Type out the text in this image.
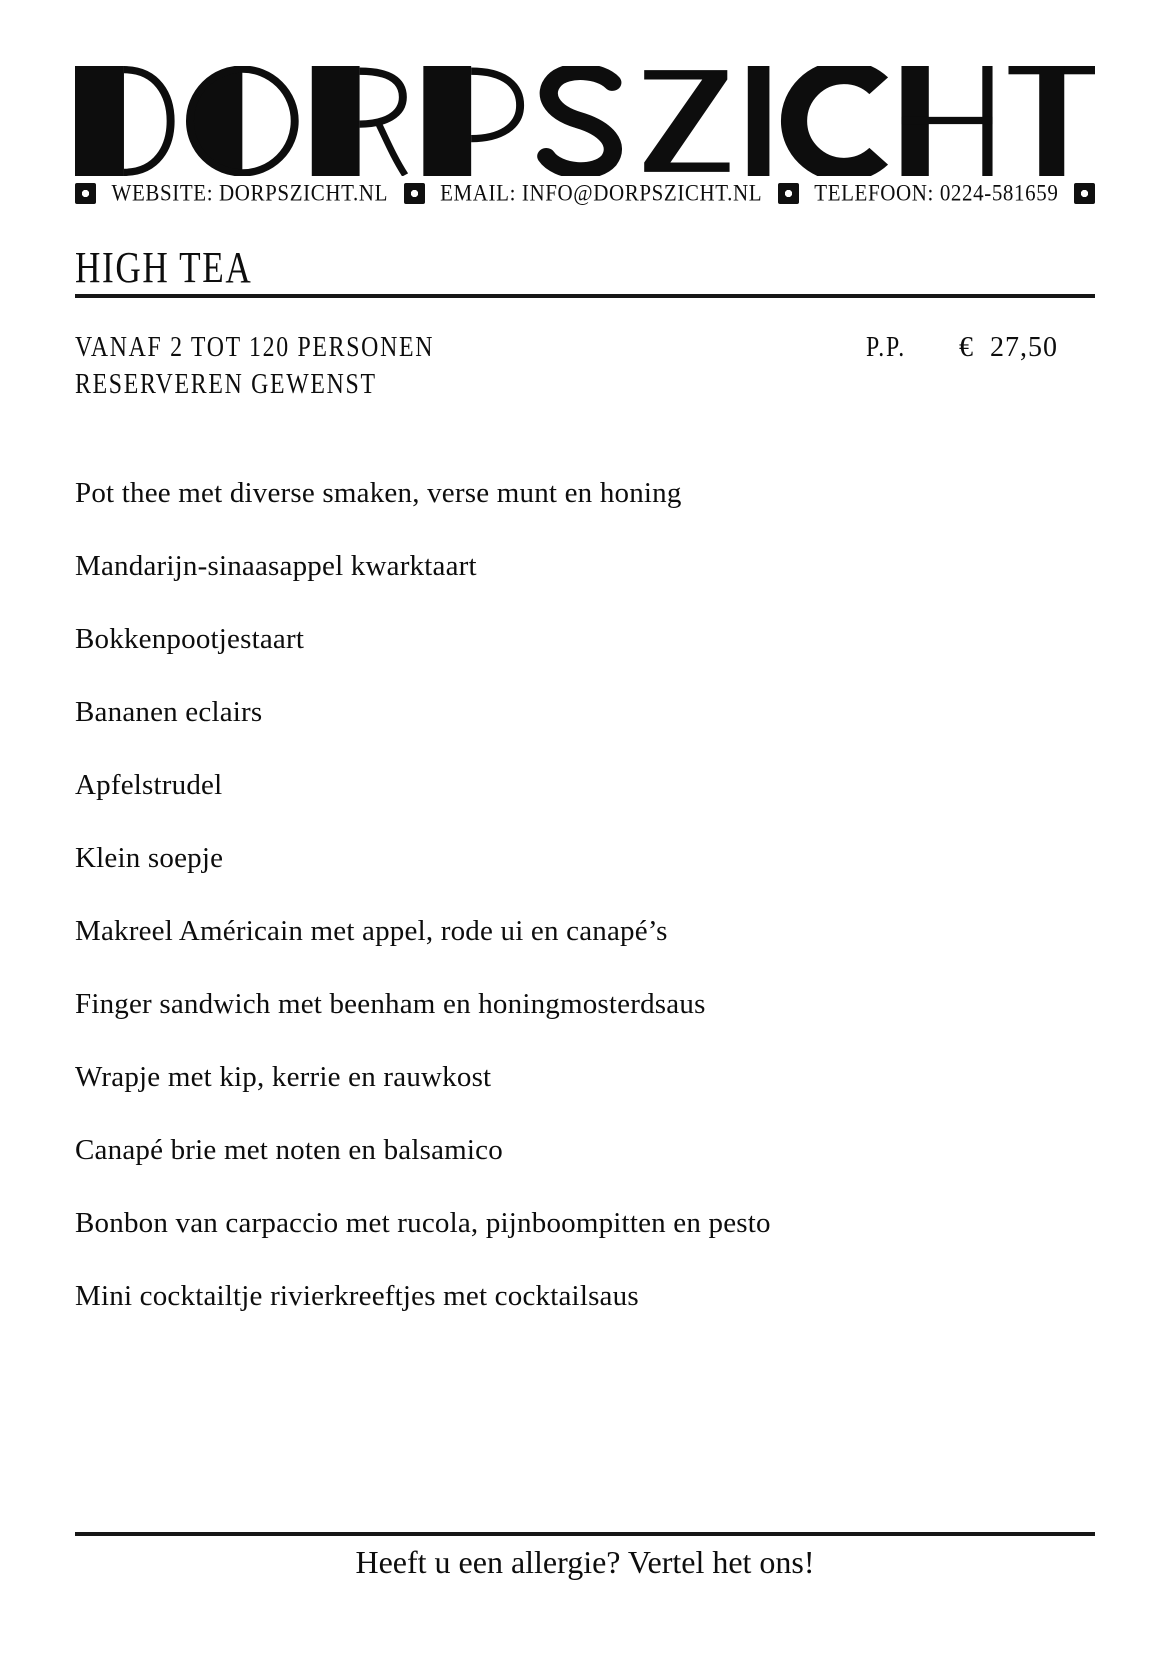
WEBSITE: DORPSZICHT.NL EMAIL: INFO@DORPSZICHT.NL TELEFOON: 0224-581659
HIGH TEA
VANAF 2 TOT 120 PERSONEN
RESERVEREN GEWENST
P.P. € 27,50
Pot thee met diverse smaken, verse munt en honing
Mandarijn-sinaasappel kwarktaart
Bokkenpootjestaart
Bananen eclairs
Apfelstrudel
Klein soepje
Makreel Américain met appel, rode ui en canapé’s
Finger sandwich met beenham en honingmosterdsaus
Wrapje met kip, kerrie en rauwkost
Canapé brie met noten en balsamico
Bonbon van carpaccio met rucola, pijnboompitten en pesto
Mini cocktailtje rivierkreeftjes met cocktailsaus
Heeft u een allergie? Vertel het ons!
